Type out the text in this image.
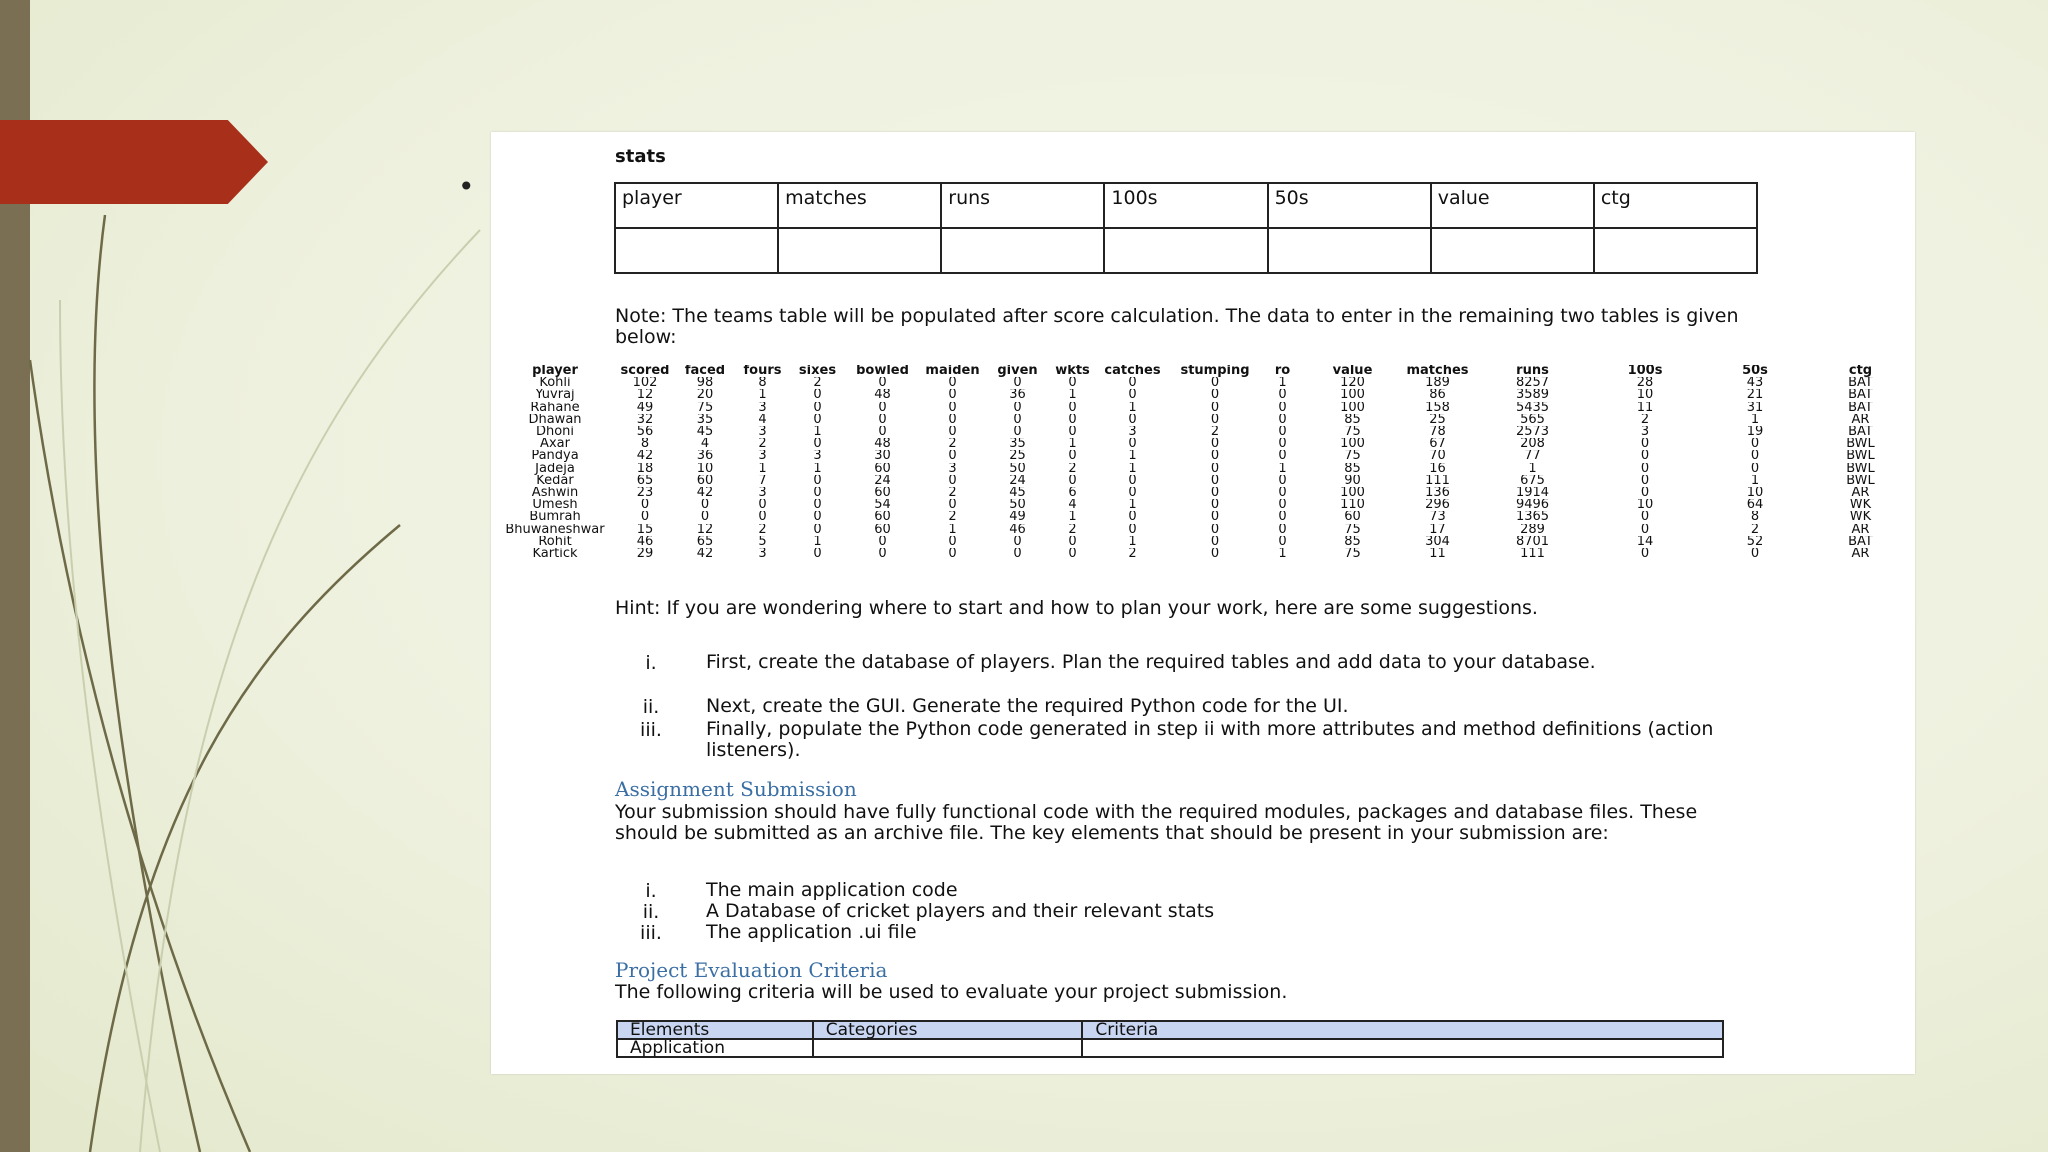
•
stats
player	matches	runs	100s	50s	value	ctg

Note: The teams table will be populated after score calculation. The data to enter in the remaining two tables is given below:
player	scored	faced	fours	sixes	bowled	maiden	given	wkts	catches	stumping	ro	value	matches	runs	100s	50s	ctg
Kohli	102	98	8	2	0	0	0	0	0	0	1	120	189	8257	28	43	BAT
Yuvraj	12	20	1	0	48	0	36	1	0	0	0	100	86	3589	10	21	BAT
Rahane	49	75	3	0	0	0	0	0	1	0	0	100	158	5435	11	31	BAT
Dhawan	32	35	4	0	0	0	0	0	0	0	0	85	25	565	2	1	AR
Dhoni	56	45	3	1	0	0	0	0	3	2	0	75	78	2573	3	19	BAT
Axar	8	4	2	0	48	2	35	1	0	0	0	100	67	208	0	0	BWL
Pandya	42	36	3	3	30	0	25	0	1	0	0	75	70	77	0	0	BWL
Jadeja	18	10	1	1	60	3	50	2	1	0	1	85	16	1	0	0	BWL
Kedar	65	60	7	0	24	0	24	0	0	0	0	90	111	675	0	1	BWL
Ashwin	23	42	3	0	60	2	45	6	0	0	0	100	136	1914	0	10	AR
Umesh	0	0	0	0	54	0	50	4	1	0	0	110	296	9496	10	64	WK
Bumrah	0	0	0	0	60	2	49	1	0	0	0	60	73	1365	0	8	WK
Bhuwaneshwar	15	12	2	0	60	1	46	2	0	0	0	75	17	289	0	2	AR
Rohit	46	65	5	1	0	0	0	0	1	0	0	85	304	8701	14	52	BAT
Kartick	29	42	3	0	0	0	0	0	2	0	1	75	11	111	0	0	AR
Hint: If you are wondering where to start and how to plan your work, here are some suggestions.
i.	First, create the database of players. Plan the required tables and add data to your database.
ii.	Next, create the GUI. Generate the required Python code for the UI.
iii.	Finally, populate the Python code generated in step ii with more attributes and method definitions (action listeners).
Assignment Submission
Your submission should have fully functional code with the required modules, packages and database files. These should be submitted as an archive file. The key elements that should be present in your submission are:
i.	The main application code
ii.	A Database of cricket players and their relevant stats
iii.	The application .ui file
Project Evaluation Criteria
The following criteria will be used to evaluate your project submission.
Elements	Categories	Criteria
Application		
